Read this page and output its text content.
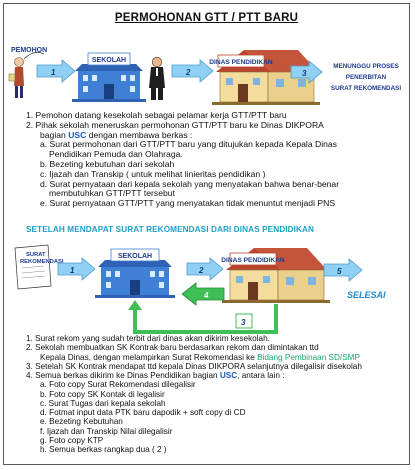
PERMOHONAN GTT / PTT BARU
PEMOHON
1
SEKOLAH
2
DINAS PENDIDIKAN
3
MENUNGGU PROSES
PENERBITAN
SURAT REKOMENDASI
1. Pemohon datang kesekolah sebagai pelamar kerja GTT/PTT baru
2. Pihak sekolah meneruskan permohonan GTT/PTT baru ke Dinas DIKPORA
bagian USC dengan membawa berkas :
a. Surat permohonan dari GTT/PTT baru yang ditujukan kepada Kepala Dinas
Pendidikan Pemuda dan Olahraga.
b. Bezeting kebutuhan dari sekolah
c. Ijazah dan Transkip ( untuk melihat linieritas pendidikan )
d. Surat pernyataan dari kepala sekolah yang menyatakan bahwa benar-benar
membutuhkan GTT/PTT tersebut
e. Surat pernyataan GTT/PTT yang menyatakan tidak menuntut menjadi PNS
SETELAH MENDAPAT SURAT REKOMENDASI DARI DINAS PENDIDIKAN
SURAT
REKOMENDASI
1
SEKOLAH
2
DINAS PENDIDIKAN
4
3
5
SELESAI
1. Surat rekom yang sudah terbit dari dinas akan dikirim kesekolah.
2. Sekolah membuatkan SK Kontrak baru berdasarkan rekom dan dimintakan ttd
Kepala Dinas, dengan melampirkan Surat Rekomendasi ke Bidang Pembinaan SD/SMP
3. Setelah SK Kontrak mendapat ttd kepala Dinas DIKPORA selanjutnya dilegalisir disekolah
4. Semua berkas dikirim ke Dinas Pendidikan bagian USC, antara lain :
a. Foto copy Surat Rekomendasi dilegalisir
b. Foto copy SK Kontak di legalisir
c. Surat Tugas dari kepala sekolah
d. Fotmat input data PTK baru dapodik + soft copy di CD
e. Bezeting Kebutuhan
f. Ijazah dan Transkip Nilai dilegalisir
g. Foto copy KTP
h. Semua berkas rangkap dua ( 2 )
